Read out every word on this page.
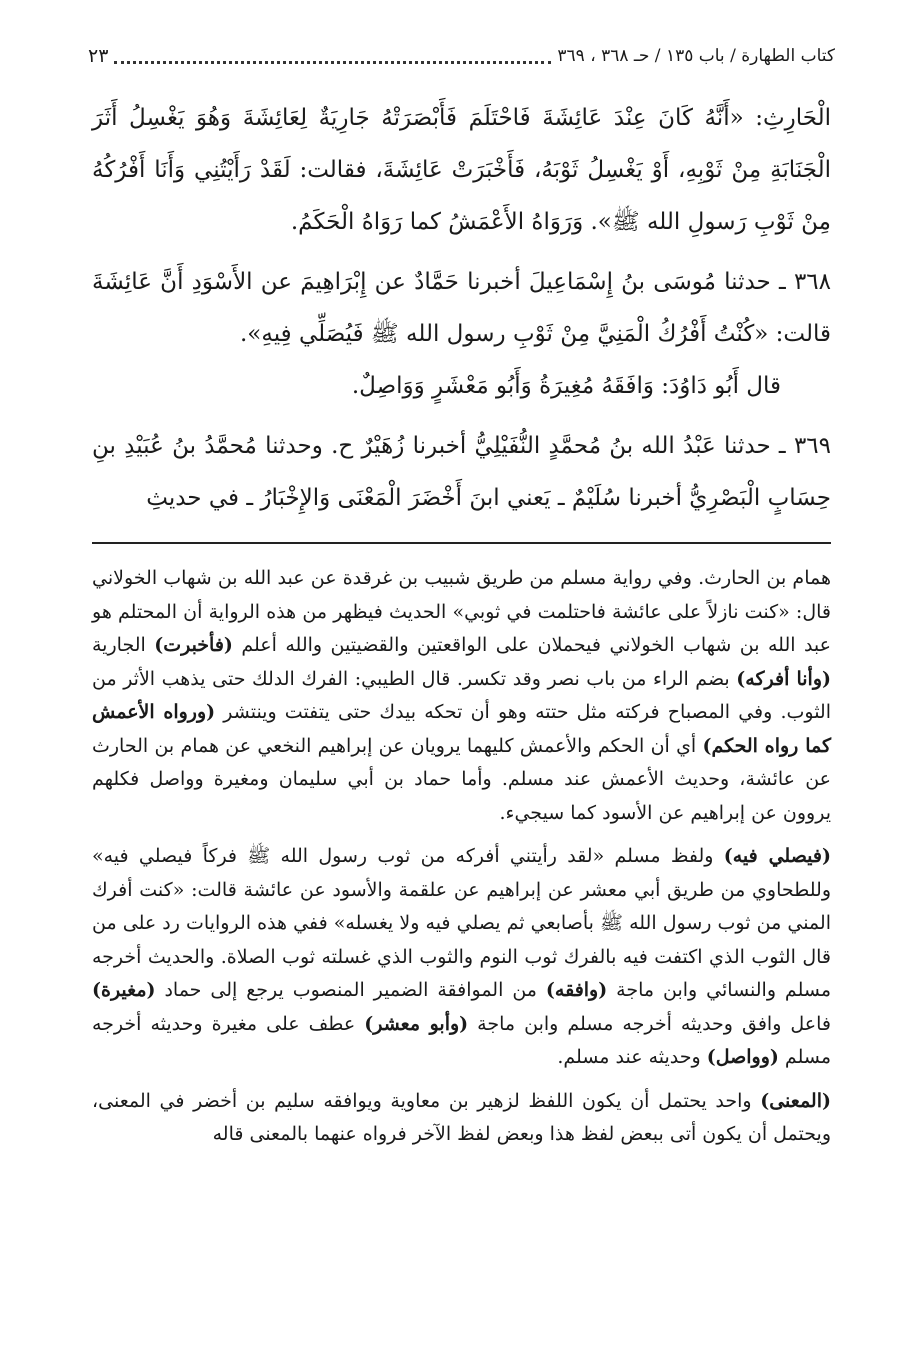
كتاب الطهارة / باب ١٣٥ / حـ ٣٦٨ ، ٣٦٩
٢٣

الْحَارِثِ: «أَنَّهُ كَانَ عِنْدَ عَائِشَةَ فَاحْتَلَمَ فَأَبْصَرَتْهُ جَارِيَةٌ لِعَائِشَةَ وَهُوَ يَغْسِلُ أَثَرَ الْجَنَابَةِ مِنْ ثَوْبِهِ، أَوْ يَغْسِلُ ثَوْبَهُ، فَأَخْبَرَتْ عَائِشَةَ، فقالت: لَقَدْ رَأَيْتُنِي وَأَنَا أَفْرُكُهُ مِنْ ثَوْبِ رَسولِ الله ﷺ». وَرَوَاهُ الأَعْمَشُ كما رَوَاهُ الْحَكَمُ.

٣٦٨ ـ حدثنا مُوسَى بنُ إِسْمَاعِيلَ أخبرنا حَمَّادٌ عن إِبْرَاهِيمَ عن الأَسْوَدِ أَنَّ عَائِشَةَ قالت: «كُنْتُ أَفْرُكُ الْمَنِيَّ مِنْ ثَوْبِ رسول الله ﷺ فَيُصَلِّي فِيهِ».

قال أَبُو دَاوُدَ: وَافَقَهُ مُغِيرَةُ وَأَبُو مَعْشَرٍ وَوَاصِلٌ.

٣٦٩ ـ حدثنا عَبْدُ الله بنُ مُحمَّدٍ النُّفَيْلِيُّ أخبرنا زُهَيْرٌ ح. وحدثنا مُحمَّدُ بنُ عُبَيْدِ بنِ حِسَابٍ الْبَصْرِيُّ أخبرنا سُلَيْمٌ ـ يَعني ابنَ أَخْضَرَ الْمَعْنَى وَالإِخْبَارُ ـ في حديثِ

همام بن الحارث. وفي رواية مسلم من طريق شبيب بن غرقدة عن عبد الله بن شهاب الخولاني قال: «كنت نازلاً على عائشة فاحتلمت في ثوبي» الحديث فيظهر من هذه الرواية أن المحتلم هو عبد الله بن شهاب الخولاني فيحملان على الواقعتين والقضيتين والله أعلم (فأخبرت) الجارية (وأنا أفركه) بضم الراء من باب نصر وقد تكسر. قال الطيبي: الفرك الدلك حتى يذهب الأثر من الثوب. وفي المصباح فركته مثل حتته وهو أن تحكه بيدك حتى يتفتت وينتشر (ورواه الأعمش كما رواه الحكم) أي أن الحكم والأعمش كليهما يرويان عن إبراهيم النخعي عن همام بن الحارث عن عائشة، وحديث الأعمش عند مسلم. وأما حماد بن أبي سليمان ومغيرة وواصل فكلهم يروون عن إبراهيم عن الأسود كما سيجيء.

(فيصلي فيه) ولفظ مسلم «لقد رأيتني أفركه من ثوب رسول الله ﷺ فركاً فيصلي فيه» وللطحاوي من طريق أبي معشر عن إبراهيم عن علقمة والأسود عن عائشة قالت: «كنت أفرك المني من ثوب رسول الله ﷺ بأصابعي ثم يصلي فيه ولا يغسله» ففي هذه الروايات رد على من قال الثوب الذي اكتفت فيه بالفرك ثوب النوم والثوب الذي غسلته ثوب الصلاة. والحديث أخرجه مسلم والنسائي وابن ماجة (وافقه) من الموافقة الضمير المنصوب يرجع إلى حماد (مغيرة) فاعل وافق وحديثه أخرجه مسلم وابن ماجة (وأبو معشر) عطف على مغيرة وحديثه أخرجه مسلم (وواصل) وحديثه عند مسلم.

(المعنى) واحد يحتمل أن يكون اللفظ لزهير بن معاوية ويوافقه سليم بن أخضر في المعنى، ويحتمل أن يكون أتى ببعض لفظ هذا وبعض لفظ الآخر فرواه عنهما بالمعنى قاله
